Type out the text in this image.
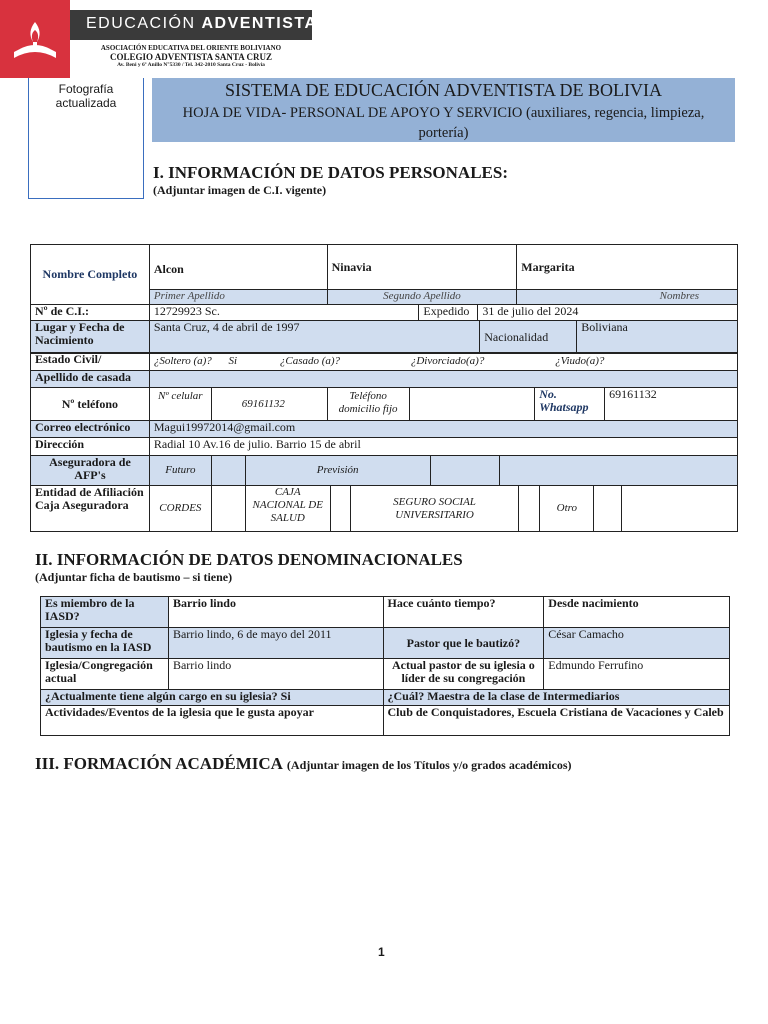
EDUCACIÓN ADVENTISTA
ASOCIACIÓN EDUCATIVA DEL ORIENTE BOLIVIANO
COLEGIO ADVENTISTA SANTA CRUZ
Av. Beni y 6º Anillo N°5330 / Tel. 342-2010 Santa Cruz - Bolivia
Fotografía actualizada
SISTEMA DE EDUCACIÓN ADVENTISTA DE BOLIVIA
HOJA DE VIDA- PERSONAL DE APOYO Y SERVICIO (auxiliares, regencia, limpieza, portería)
I. INFORMACIÓN DE DATOS PERSONALES:
(Adjuntar imagen de C.I. vigente)
Nombre Completo	Alcon	Ninavia	Margarita
	Primer Apellido	Segundo Apellido	Nombres
Nº de C.I.:	12729923 Sc.	Expedido	31 de julio del 2024
Lugar y Fecha de Nacimiento	Santa Cruz, 4 de abril de 1997	Nacionalidad	Boliviana
Estado Civil/	¿Soltero (a)? Si	¿Casado (a)?	¿Divorciado(a)?	¿Viudo(a)?
Apellido de casada	
Nº teléfono	Nº celular	69161132	Teléfono domicilio fijo		No. Whatsapp	69161132
Correo electrónico	Magui19972014@gmail.com
Dirección	Radial 10 Av.16 de julio. Barrio 15 de abril
Aseguradora de AFP's	Futuro		Previsión		
Entidad de Afiliación Caja Aseguradora	CORDES		CAJA NACIONAL DE SALUD		SEGURO SOCIAL UNIVERSITARIO		Otro		
II. INFORMACIÓN DE DATOS DENOMINACIONALES
(Adjuntar ficha de bautismo – si tiene)
Es miembro de la IASD?	Barrio lindo	Hace cuánto tiempo?	Desde nacimiento
Iglesia y fecha de bautismo en la IASD	Barrio lindo, 6 de mayo del 2011	Pastor que le bautizó?	César Camacho
Iglesia/Congregación actual	Barrio lindo	Actual pastor de su iglesia o líder de su congregación	Edmundo Ferrufino
¿Actualmente tiene algún cargo en su iglesia? Si		¿Cuál? Maestra de la clase de Intermediarios	
Actividades/Eventos de la iglesia que le gusta apoyar		Club de Conquistadores, Escuela Cristiana de Vacaciones y Caleb	
III. FORMACIÓN ACADÉMICA (Adjuntar imagen de los Títulos y/o grados académicos)
1
